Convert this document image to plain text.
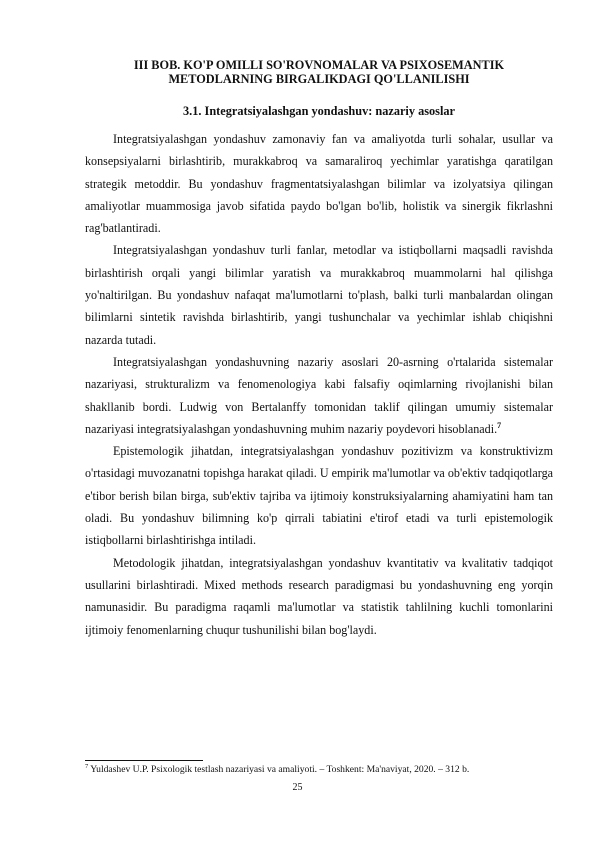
III BOB. KO'P OMILLI SO'ROVNOMALAR VA PSIXOSEMANTIK
METODLARNING BIRGALIKDAGI QO'LLANILISHI
3.1. Integratsiyalashgan yondashuv: nazariy asoslar

Integratsiyalashgan yondashuv zamonaviy fan va amaliyotda turli sohalar, usullar va konsepsiyalarni birlashtirib, murakkabroq va samaraliroq yechimlar yaratishga qaratilgan strategik metoddir. Bu yondashuv fragmentatsiyalashgan bilimlar va izolyatsiya qilingan amaliyotlar muammosiga javob sifatida paydo bo'lgan bo'lib, holistik va sinergik fikrlashni rag'batlantiradi.

Integratsiyalashgan yondashuv turli fanlar, metodlar va istiqbollarni maqsadli ravishda birlashtirish orqali yangi bilimlar yaratish va murakkabroq muammolarni hal qilishga yo'naltirilgan. Bu yondashuv nafaqat ma'lumotlarni to'plash, balki turli manbalardan olingan bilimlarni sintetik ravishda birlashtirib, yangi tushunchalar va yechimlar ishlab chiqishni nazarda tutadi.

Integratsiyalashgan yondashuvning nazariy asoslari 20-asrning o'rtalarida sistemalar nazariyasi, strukturalizm va fenomenologiya kabi falsafiy oqimlarning rivojlanishi bilan shakllanib bordi. Ludwig von Bertalanffy tomonidan taklif qilingan umumiy sistemalar nazariyasi integratsiyalashgan yondashuvning muhim nazariy poydevori hisoblanadi.$^7$

Epistemologik jihatdan, integratsiyalashgan yondashuv pozitivizm va konstruktivizm o'rtasidagi muvozanatni topishga harakat qiladi. U empirik ma'lumotlar va ob'ektiv tadqiqotlarga e'tibor berish bilan birga, sub'ektiv tajriba va ijtimoiy konstruksiyalarning ahamiyatini ham tan oladi. Bu yondashuv bilimning ko'p qirrali tabiatini e'tirof etadi va turli epistemologik istiqbollarni birlashtirishga intiladi.

Metodologik jihatdan, integratsiyalashgan yondashuv kvantitativ va kvalitativ tadqiqot usullarini birlashtiradi. Mixed methods research paradigmasi bu yondashuvning eng yorqin namunasidir. Bu paradigma raqamli ma'lumotlar va statistik tahlilning kuchli tomonlarini ijtimoiy fenomenlarning chuqur tushunilishi bilan bog'laydi.

$^7$ Yuldashev U.P. Psixologik testlash nazariyasi va amaliyoti. – Toshkent: Ma'naviyat, 2020. – 312 b.
25
